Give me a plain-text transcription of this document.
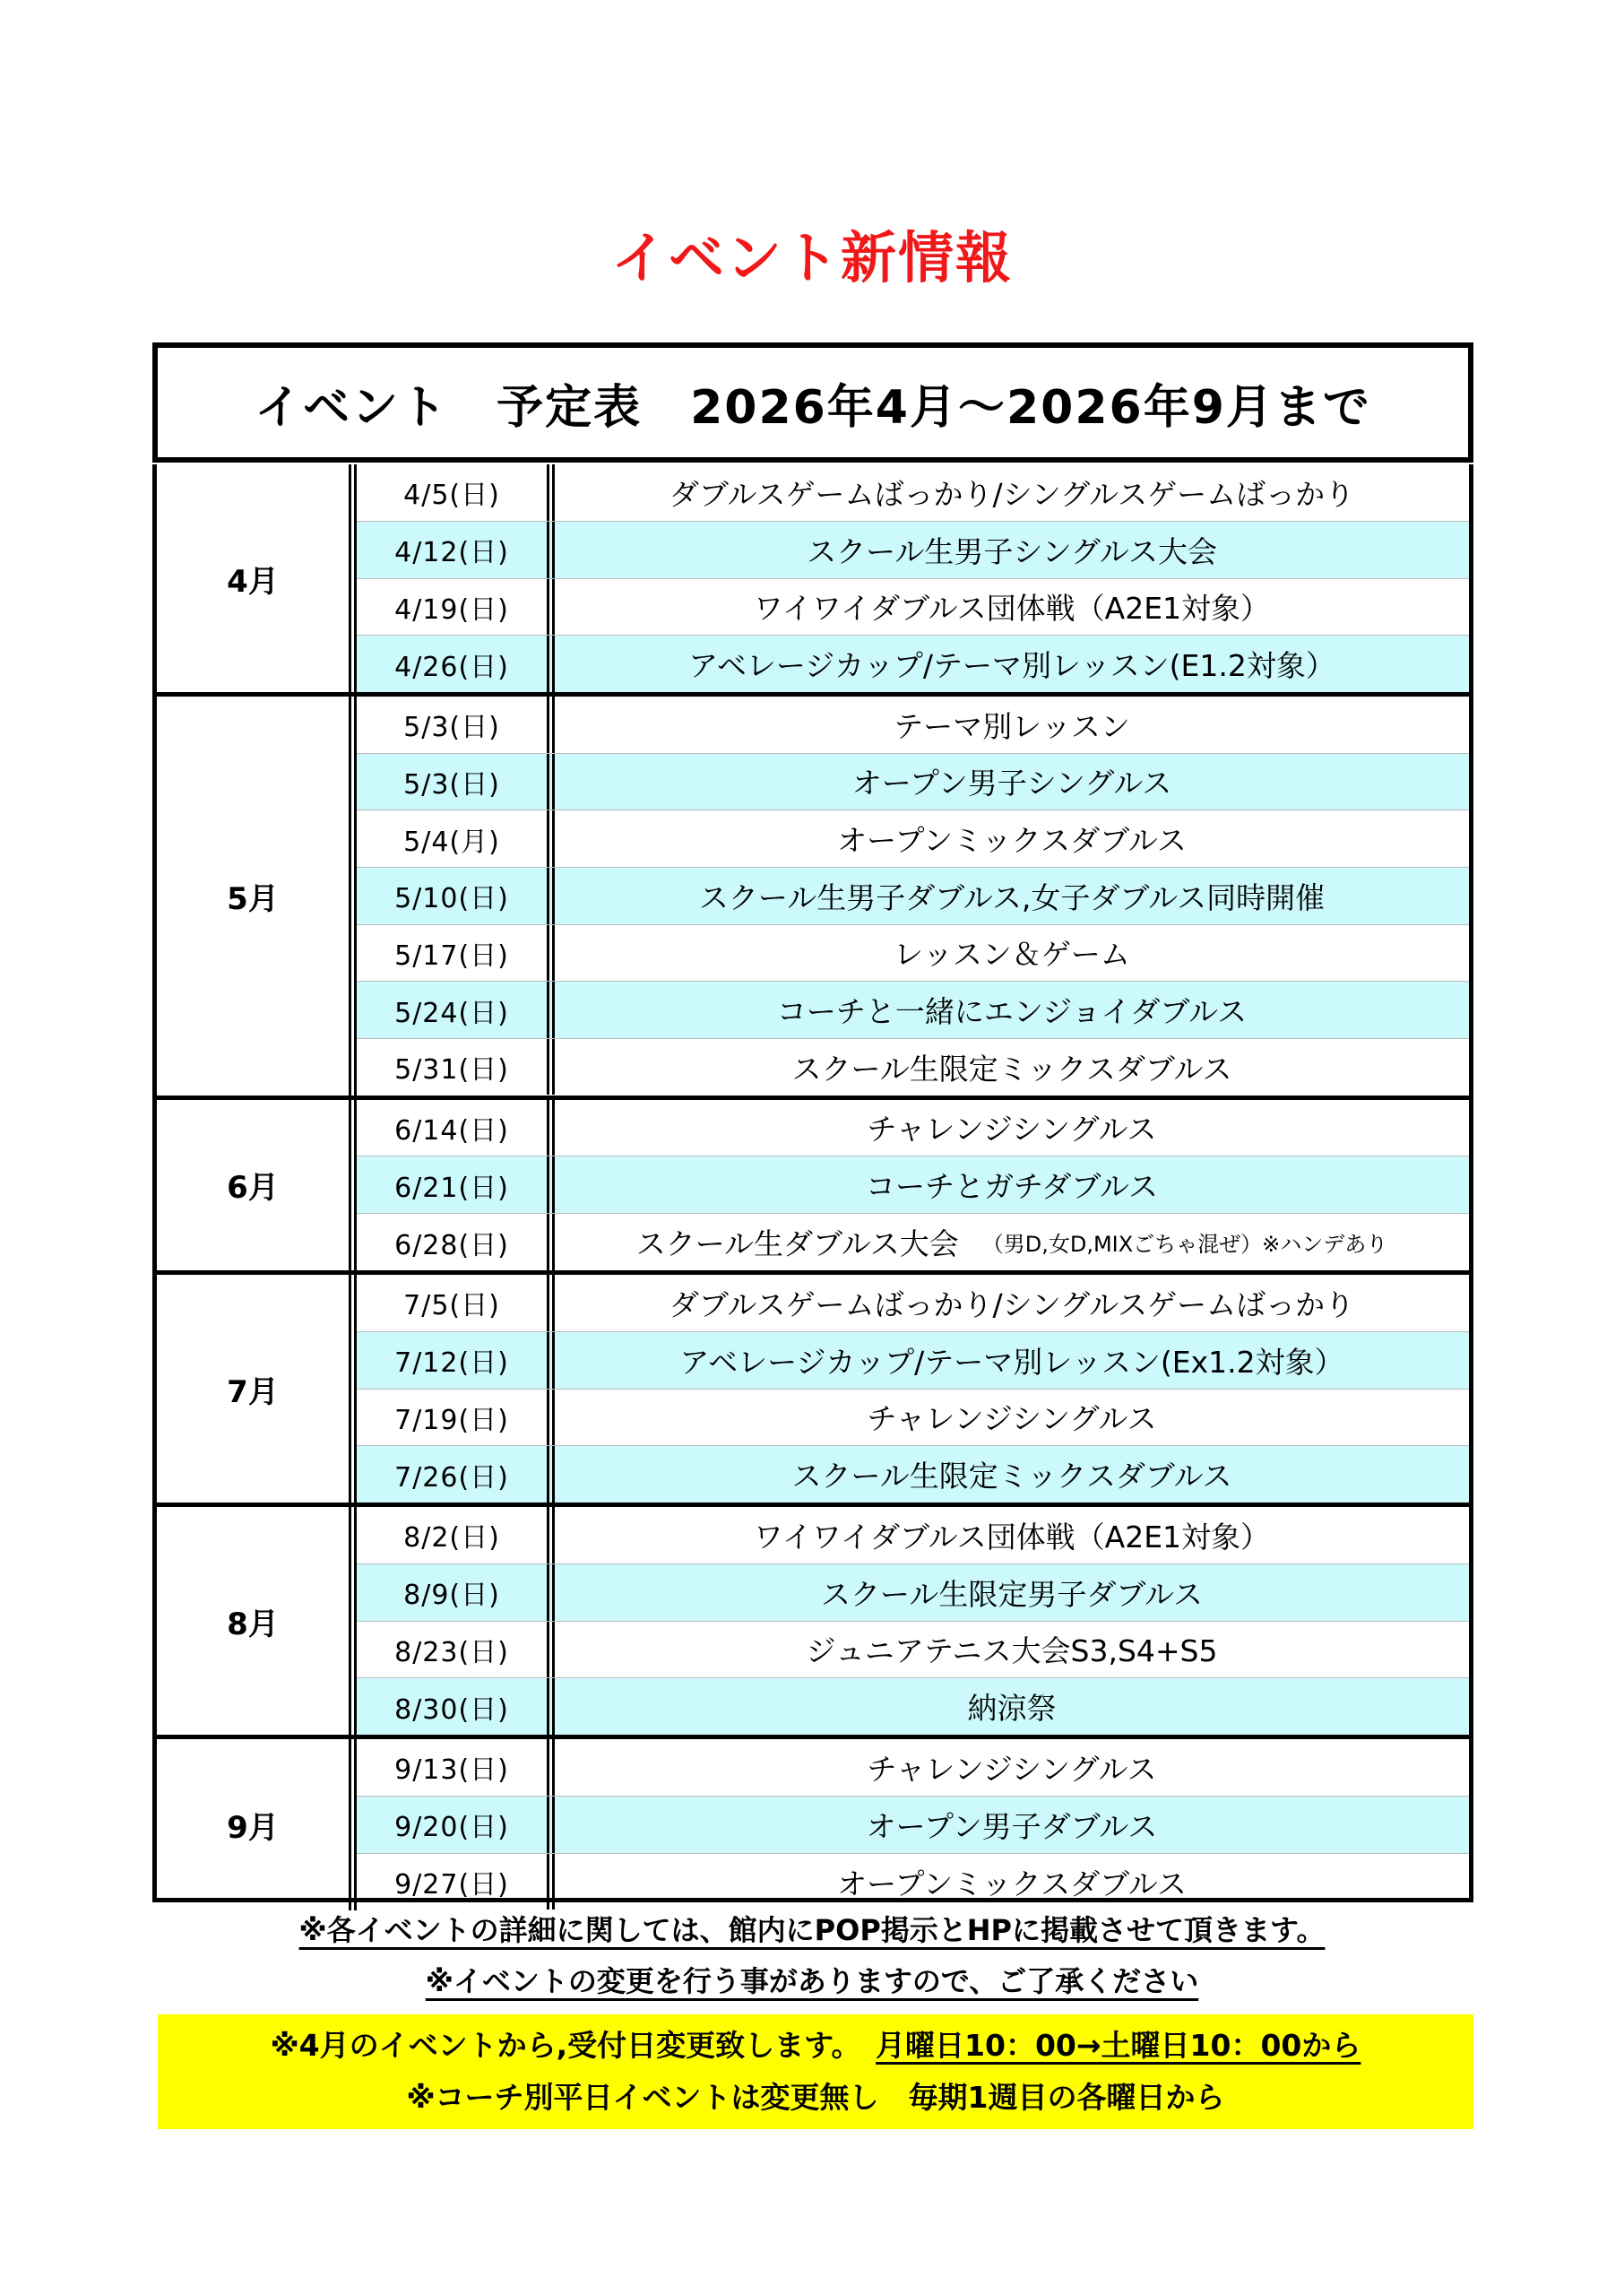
イベント新情報
イベント　予定表　2026年4月～2026年9月まで
4月
4/5(日)	ダブルスゲームばっかり/シングルスゲームばっかり
4/12(日)	スクール生男子シングルス大会
4/19(日)	ワイワイダブルス団体戦（A2E1対象）
4/26(日)	アベレージカップ/テーマ別レッスン(E1.2対象）
5月
5/3(日)	テーマ別レッスン
5/3(日)	オープン男子シングルス
5/4(月)	オープンミックスダブルス
5/10(日)	スクール生男子ダブルス,女子ダブルス同時開催
5/17(日)	レッスン＆ゲーム
5/24(日)	コーチと一緒にエンジョイダブルス
5/31(日)	スクール生限定ミックスダブルス
6月
6/14(日)	チャレンジシングルス
6/21(日)	コーチとガチダブルス
6/28(日)	スクール生ダブルス大会 （男D,女D,MIXごちゃ混ぜ）※ハンデあり
7月
7/5(日)	ダブルスゲームばっかり/シングルスゲームばっかり
7/12(日)	アベレージカップ/テーマ別レッスン(Ex1.2対象）
7/19(日)	チャレンジシングルス
7/26(日)	スクール生限定ミックスダブルス
8月
8/2(日)	ワイワイダブルス団体戦（A2E1対象）
8/9(日)	スクール生限定男子ダブルス
8/23(日)	ジュニアテニス大会S3,S4+S5
8/30(日)	納涼祭
9月
9/13(日)	チャレンジシングルス
9/20(日)	オープン男子ダブルス
9/27(日)	オープンミックスダブルス
※各イベントの詳細に関しては、館内にPOP掲示とHPに掲載させて頂きます。
※イベントの変更を行う事がありますので、ご了承ください
※4月のイベントから,受付日変更致します。　月曜日10：00→土曜日10：00から
※コーチ別平日イベントは変更無し　毎期1週目の各曜日から
